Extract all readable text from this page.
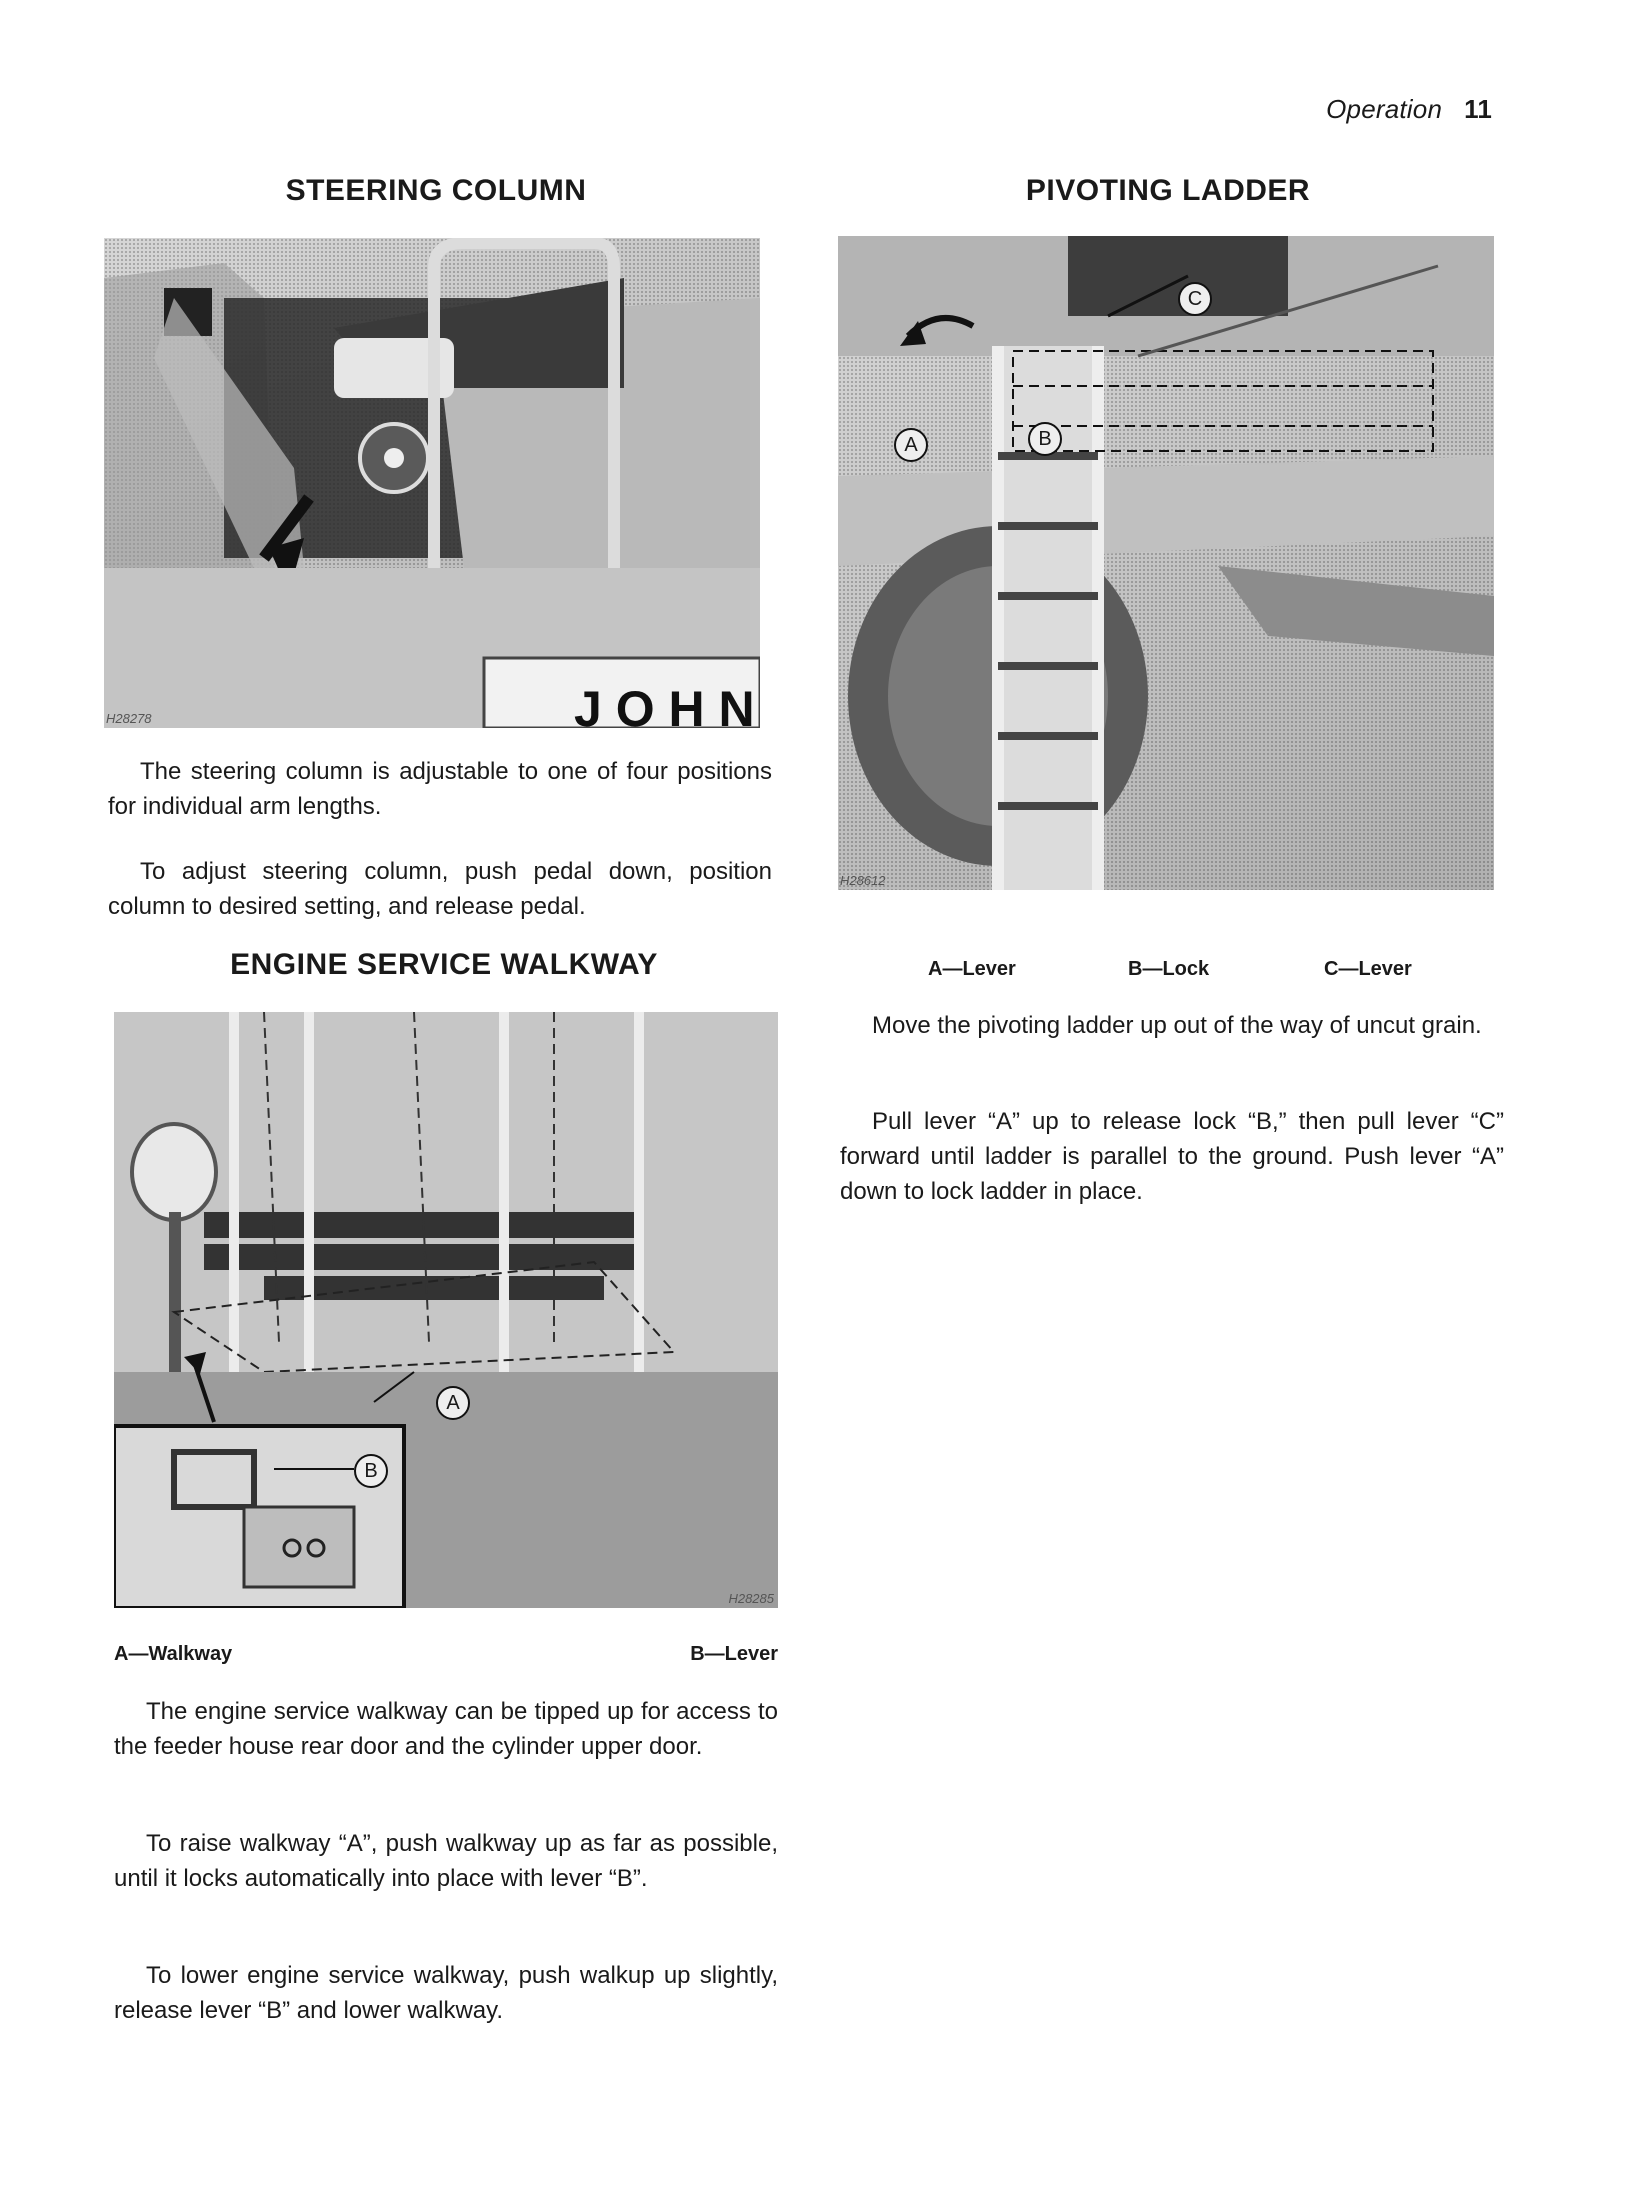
Operation 11
STEERING COLUMN
J O H N
H28278
The steering column is adjustable to one of four positions for individual arm lengths.
To adjust steering column, push pedal down, position column to desired setting, and release pedal.
ENGINE SERVICE WALKWAY
A
B
H28285
A—Walkway	B—Lever
The engine service walkway can be tipped up for access to the feeder house rear door and the cylinder upper door.
To raise walkway “A”, push walkway up as far as possible, until it locks automatically into place with lever “B”.
To lower engine service walkway, push walkup up slightly, release lever “B” and lower walkway.
PIVOTING LADDER
A	B
C
H28612
A—Lever	B—Lock	C—Lever
Move the pivoting ladder up out of the way of uncut grain.
Pull lever “A” up to release lock “B,” then pull lever “C” forward until ladder is parallel to the ground. Push lever “A” down to lock ladder in place.
